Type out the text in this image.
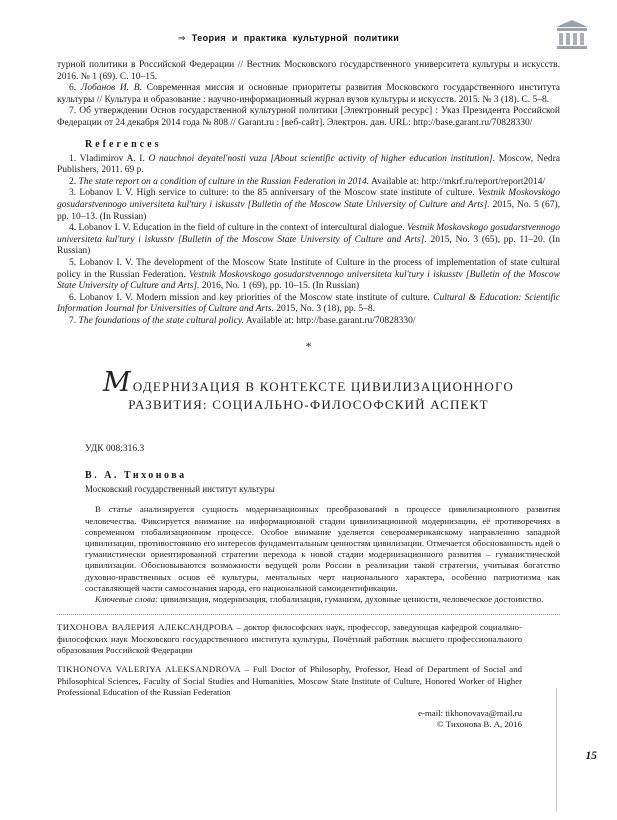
⇒ Теория и практика культурной политики

турной политики в Российской Федерации // Вестник Московского государственного университета культуры и искусств. 2016. № 1 (69). С. 10–15.

6. Лобанов И. В. Современная миссия и основные приоритеты развития Московского государственного института культуры // Культура и образование : научно-информационный журнал вузов культуры и искусств. 2015. № 3 (18). С. 5–8.

7. Об утверждении Основ государственной культурной политики [Электронный ресурс] : Указ Президента Российской Федерации от 24 декабря 2014 года № 808 // Garant.ru : [веб-сайт]. Электрон. дан. URL: http://base.garant.ru/70828330/

References

1. Vladimirov A. I. O nauchnoi deyatel'nosti vuza [About scientific activity of higher education institution]. Moscow, Nedra Publishers, 2011. 69 p.

2. The state report on a condition of culture in the Russian Federation in 2014. Available at: http://mkrf.ru/report/report2014/

3. Lobanov I. V. High service to culture: to the 85 anniversary of the Moscow state institute of culture. Vestnik Moskovskogo gosudarstvennogo universiteta kul'tury i iskusstv [Bulletin of the Moscow State University of Culture and Arts]. 2015, No. 5 (67), pp. 10–13. (In Russian)

4. Lobanov I. V. Education in the field of culture in the context of intercultural dialogue. Vestnik Moskovskogo gosudarstvennogo universiteta kul'tury i iskusstv [Bulletin of the Moscow State University of Culture and Arts]. 2015, No. 3 (65), pp. 11–20. (In Russian)

5. Lobanov I. V. The development of the Moscow State Institute of Culture in the process of implementation of state cultural policy in the Russian Federation. Vestnik Moskovskogo gosudarstvennogo universiteta kul'tury i iskusstv [Bulletin of the Moscow State University of Culture and Arts]. 2016, No. 1 (69), pp. 10–15. (In Russian)

6. Lobanov I. V. Modern mission and key priorities of the Moscow state institute of culture. Cultural & Education: Scientific Information Journal for Universities of Culture and Arts. 2015, No. 3 (18), pp. 5–8.

7. The foundations of the state cultural policy. Available at: http://base.garant.ru/70828330/

*
МОДЕРНИЗАЦИЯ В КОНТЕКСТЕ ЦИВИЛИЗАЦИОННОГО
РАЗВИТИЯ: СОЦИАЛЬНО-ФИЛОСОФСКИЙ АСПЕКТ

УДК 008:316.3

В. А. Тихонова

Московский государственный институт культуры

В статье анализируется сущность модернизационных преобразований в процессе цивилизационного развития человечества. Фиксируется внимание на информационной стадии цивилизационной модернизации, её противоречиях в современном глобализационном процессе. Особое внимание уделяется североамериканскому направлению западной цивилизации, противостоянию его интересов фундаментальным ценностям цивилизации. Отмечается обоснованность идей о гуманистически ориентированной стратегии перехода к новой стадии модернизационного развития – гуманистической цивилизации. Обосновываются возможности ведущей роли России в реализации такой стратегии, учитывая богатство духовно-нравственных основ её культуры, ментальных черт национального характера, особенно патриотизма как составляющей части самосознания народа, его национальной самоидентификации.

Ключевые слова: цивилизация, модернизация, глобализация, гуманизм, духовные ценности, человеческое достоинство.

ТИХОНОВА ВАЛЕРИЯ АЛЕКСАНДРОВА – доктор философских наук, профессор, заведующая кафедрой социально-философских наук Московского государственного института культуры, Почётный работник высшего профессионального образования Российской Федерации

TIKHONOVA VALERIYA ALEKSANDROVA – Full Doctor of Philosophy, Professor, Head of Department of Social and Philosophical Sciences, Faculty of Social Studies and Humanities, Moscow State Institute of Culture, Honored Worker of Higher Professional Education of the Russian Federation

e-mail: tikhonovava@mail.ru
© Тихонова В. А, 2016
15
